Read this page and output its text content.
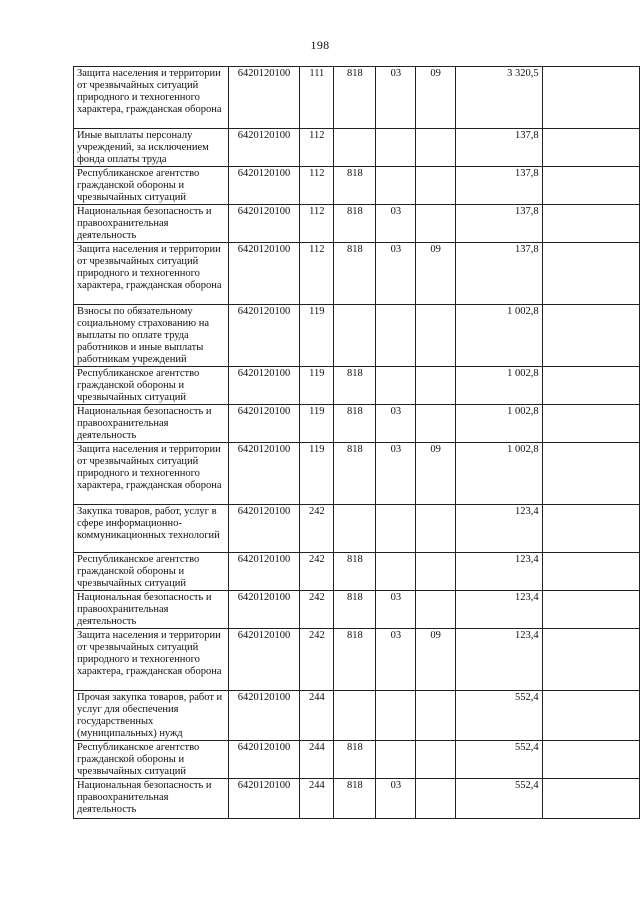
198
Защита населения и территории от чрезвычайных ситуаций природного и техногенного характера, гражданская оборона	6420120100	111	818	03	09	3 320,5	
Иные выплаты персоналу учреждений, за исключением фонда оплаты труда	6420120100	112				137,8	
Республиканское агентство гражданской обороны и чрезвычайных ситуаций	6420120100	112	818			137,8	
Национальная безопасность и правоохранительная деятельность	6420120100	112	818	03		137,8	
Защита населения и территории от чрезвычайных ситуаций природного и техногенного характера, гражданская оборона	6420120100	112	818	03	09	137,8	
Взносы по обязательному социальному страхованию на выплаты по оплате труда работников и иные выплаты работникам учреждений	6420120100	119				1 002,8	
Республиканское агентство гражданской обороны и чрезвычайных ситуаций	6420120100	119	818			1 002,8	
Национальная безопасность и правоохранительная деятельность	6420120100	119	818	03		1 002,8	
Защита населения и территории от чрезвычайных ситуаций природного и техногенного характера, гражданская оборона	6420120100	119	818	03	09	1 002,8	
Закупка товаров, работ, услуг в сфере информационно-коммуникационных технологий	6420120100	242				123,4	
Республиканское агентство гражданской обороны и чрезвычайных ситуаций	6420120100	242	818			123,4	
Национальная безопасность и правоохранительная деятельность	6420120100	242	818	03		123,4	
Защита населения и территории от чрезвычайных ситуаций природного и техногенного характера, гражданская оборона	6420120100	242	818	03	09	123,4	
Прочая закупка товаров, работ и услуг для обеспечения государственных (муниципальных) нужд	6420120100	244				552,4	
Республиканское агентство гражданской обороны и чрезвычайных ситуаций	6420120100	244	818			552,4	
Национальная безопасность и правоохранительная деятельность	6420120100	244	818	03		552,4	
